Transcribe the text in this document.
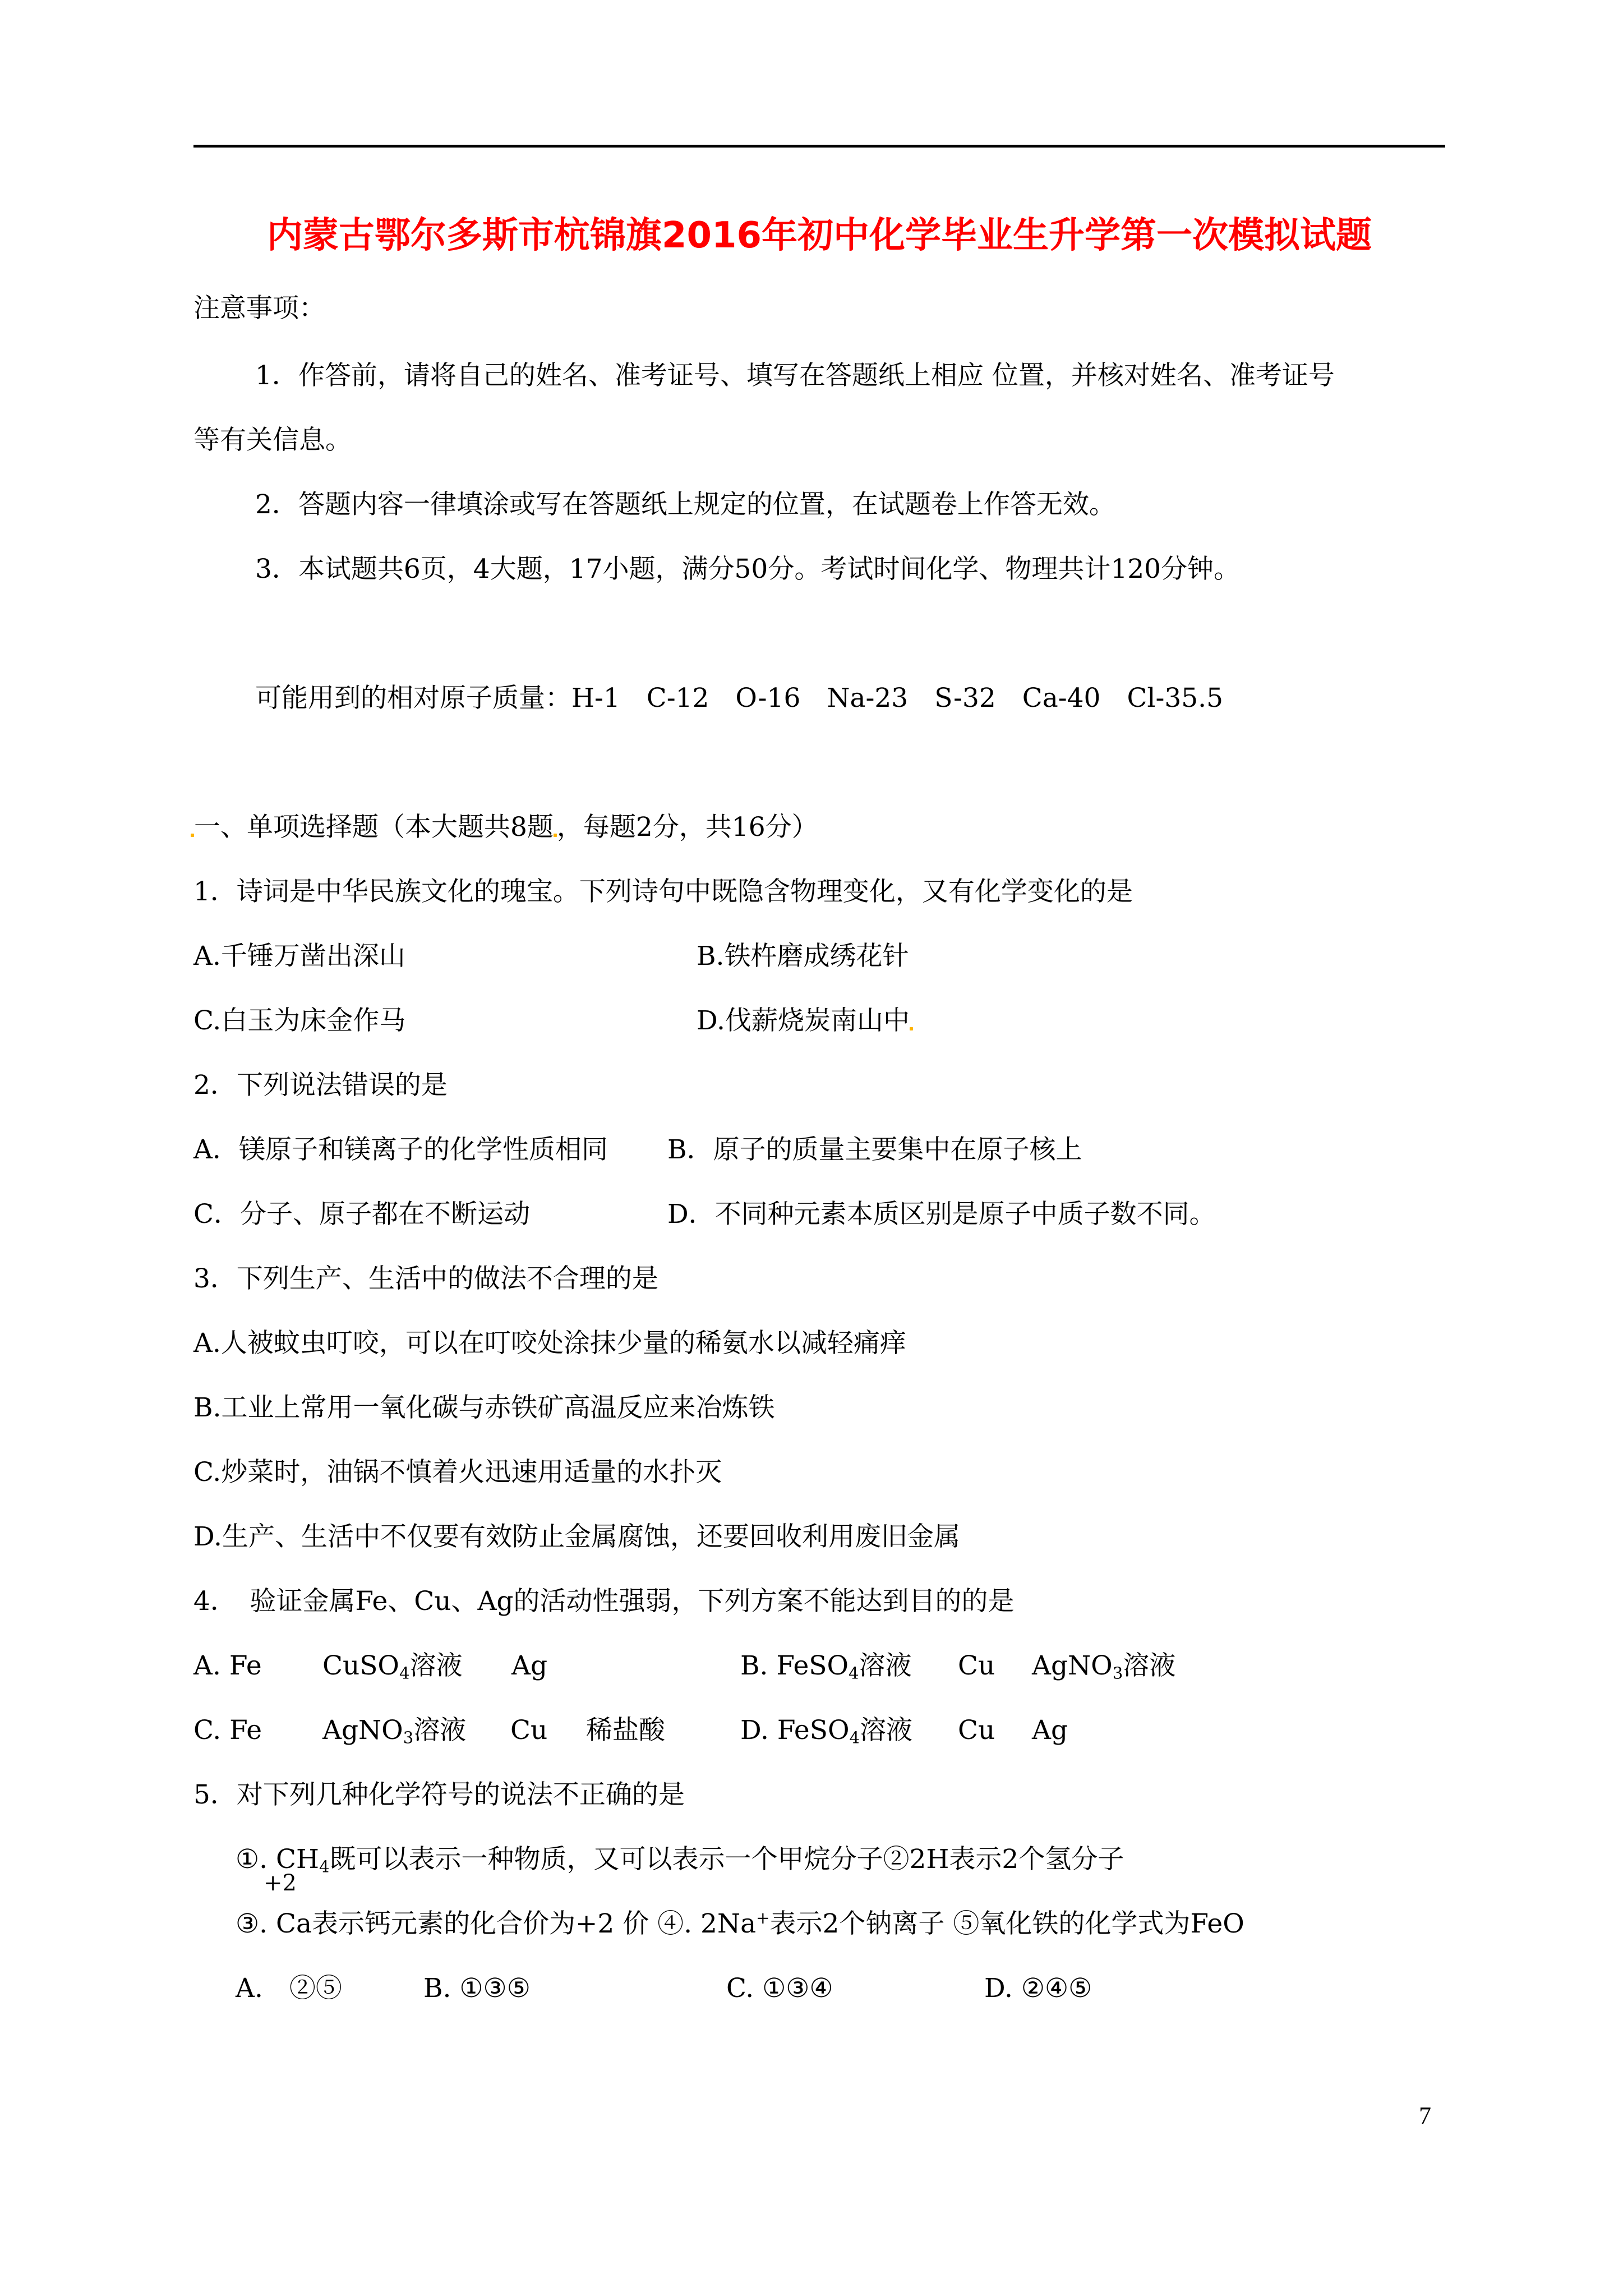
内蒙古鄂尔多斯市杭锦旗2016年初中化学毕业生升学第一次模拟试题
注意事项：
1．作答前，请将自己的姓名、准考证号、填写在答题纸上相应 位置，并核对姓名、准考证号
等有关信息。
2．答题内容一律填涂或写在答题纸上规定的位置，在试题卷上作答无效。
3．本试题共6页，4大题，17小题，满分50分。考试时间化学、物理共计120分钟。
可能用到的相对原子质量：H-1　C-12　O-16　Na-23　S-32　Ca-40　Cl-35.5
一、单项选择题（本大题共8题 ，每题2分，共16分）
1．诗词是中华民族文化的瑰宝。下列诗句中既隐含物理变化，又有化学变化的是
A.千锤万凿出深山	B.铁杵磨成绣花针
C.白玉为床金作马	D.伐薪烧炭南山中
2．下列说法错误的是
A．镁原子和镁离子的化学性质相同 B．原子的质量主要集中在原子核上
C．分子、原子都在不断运动	D．不同种元素本质区别是原子中质子数不同。
3．下列生产、生活中的做法不合理的是
A.人被蚊虫叮咬，可以在叮咬处涂抹少量的稀氨水以减轻痛痒
B.工业上常用一氧化碳与赤铁矿高温反应来冶炼铁
C.炒菜时，油锅不慎着火迅速用适量的水扑灭
D.生产、生活中不仅要有效防止金属腐蚀，还要回收利用废旧金属
4．　验证金属Fe、Cu、Ag的活动性强弱，下列方案不能达到目的的是
A. Fe CuSO$_4$溶液 Ag	B. FeSO$_4$溶液 Cu AgNO$_3$溶液
C. Fe AgNO$_3$溶液 Cu 稀盐酸	D. FeSO$_4$溶液 Cu Ag
5．对下列几种化学符号的说法不正确的是
①. $CH_4$既可以表示一种物质，又可以表示一个甲烷分子②2H表示2个氢分子
+2
③. Ca表示钙元素的化合价为+2 价 ④. 2Na+表示2个钠离子 ⑤氧化铁的化学式为FeO
A.　②⑤	B. ①③⑤	C. ①③④	D. ②④⑤
7
